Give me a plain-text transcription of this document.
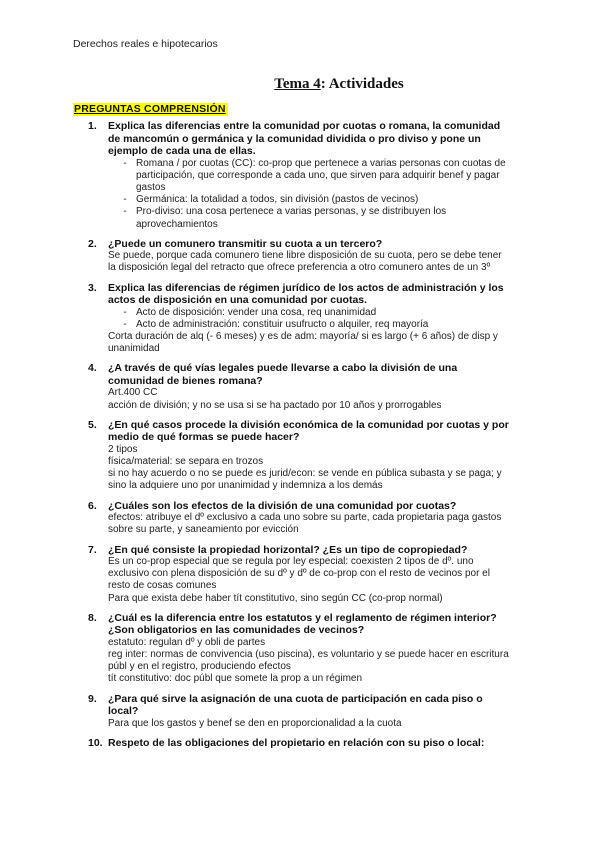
Derechos reales e hipotecarios
Tema 4: Actividades
PREGUNTAS COMPRENSIÓN
1.	Explica las diferencias entre la comunidad por cuotas o romana, la comunidad de mancomún o germánica y la comunidad dividida o pro diviso y pone un ejemplo de cada una de ellas.
- Romana / por cuotas (CC): co-prop que pertenece a varias personas con cuotas de participación, que corresponde a cada uno, que sirven para adquirir benef y pagar gastos
- Germánica: la totalidad a todos, sin división (pastos de vecinos)
- Pro-diviso: una cosa pertenece a varias personas, y se distribuyen los aprovechamientos
2.	¿Puede un comunero transmitir su cuota a un tercero?
Se puede, porque cada comunero tiene libre disposición de su cuota, pero se debe tener la disposición legal del retracto que ofrece preferencia a otro comunero antes de un 3º
3.	Explica las diferencias de régimen jurídico de los actos de administración y los actos de disposición en una comunidad por cuotas.
- Acto de disposición: vender una cosa, req unanimidad
- Acto de administración: constituir usufructo o alquiler, req mayoría
Corta duración de alq (- 6 meses) y es de adm: mayoría/ si es largo (+ 6 años) de disp y unanimidad
4.	¿A través de qué vías legales puede llevarse a cabo la división de una comunidad de bienes romana?
Art.400 CC
acción de división; y no se usa si se ha pactado por 10 años y prorrogables
5.	¿En qué casos procede la división económica de la comunidad por cuotas y por medio de qué formas se puede hacer?
2 tipos
física/material: se separa en trozos
si no hay acuerdo o no se puede es jurid/econ: se vende en pública subasta y se paga; y sino la adquiere uno por unanimidad y indemniza a los demás
6.	¿Cuáles son los efectos de la división de una comunidad por cuotas?
efectos: atribuye el dº exclusivo a cada uno sobre su parte, cada propietaria paga gastos sobre su parte, y saneamiento por evicción
7.	¿En qué consiste la propiedad horizontal? ¿Es un tipo de copropiedad?
Es un co-prop especial que se regula por ley especial: coexisten 2 tipos de dº. uno exclusivo con plena disposición de su dº y dº de co-prop con el resto de vecinos por el resto de cosas comunes
Para que exista debe haber tít constitutivo, sino según CC (co-prop normal)
8.	¿Cuál es la diferencia entre los estatutos y el reglamento de régimen interior? ¿Son obligatorios en las comunidades de vecinos?
estatuto: regulan dº y obli de partes
reg inter: normas de convivencia (uso piscina), es voluntario y se puede hacer en escritura públ y en el registro, produciendo efectos
tít constitutivo: doc públ que somete la prop a un régimen
9.	¿Para qué sirve la asignación de una cuota de participación en cada piso o local?
Para que los gastos y benef se den en proporcionalidad a la cuota
10. Respeto de las obligaciones del propietario en relación con su piso o local:
